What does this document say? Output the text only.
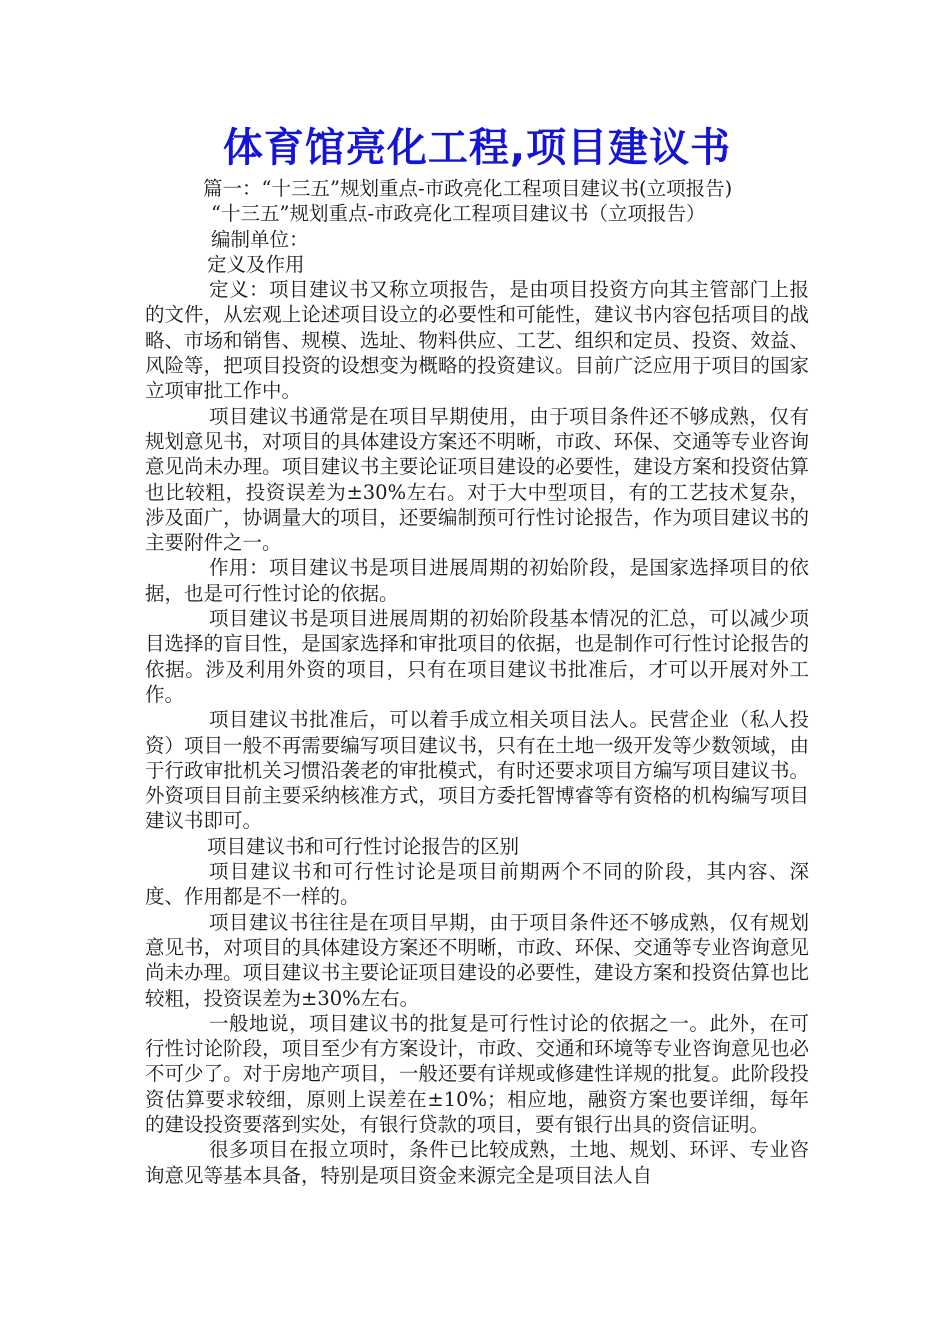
体育馆亮化工程,项目建议书

篇一：“十三五”规划重点-市政亮化工程项目建议书(立项报告)

“十三五”规划重点-市政亮化工程项目建议书（立项报告）

编制单位：

定义及作用

定义：项目建议书又称立项报告，是由项目投资方向其主管部门上报的文件，从宏观上论述项目设立的必要性和可能性，建议书内容包括项目的战略、市场和销售、规模、选址、物料供应、工艺、组织和定员、投资、效益、风险等，把项目投资的设想变为概略的投资建议。目前广泛应用于项目的国家立项审批工作中。

项目建议书通常是在项目早期使用，由于项目条件还不够成熟，仅有规划意见书，对项目的具体建设方案还不明晰，市政、环保、交通等专业咨询意见尚未办理。项目建议书主要论证项目建设的必要性，建设方案和投资估算也比较粗，投资误差为±30%左右。对于大中型项目，有的工艺技术复杂，涉及面广，协调量大的项目，还要编制预可行性讨论报告，作为项目建议书的主要附件之一。

作用：项目建议书是项目进展周期的初始阶段，是国家选择项目的依据，也是可行性讨论的依据。

项目建议书是项目进展周期的初始阶段基本情况的汇总，可以减少项目选择的盲目性，是国家选择和审批项目的依据，也是制作可行性讨论报告的依据。涉及利用外资的项目，只有在项目建议书批准后，才可以开展对外工作。

项目建议书批准后，可以着手成立相关项目法人。民营企业（私人投资）项目一般不再需要编写项目建议书，只有在土地一级开发等少数领域，由于行政审批机关习惯沿袭老的审批模式，有时还要求项目方编写项目建议书。外资项目目前主要采纳核准方式，项目方委托智博睿等有资格的机构编写项目建议书即可。

项目建议书和可行性讨论报告的区别

项目建议书和可行性讨论是项目前期两个不同的阶段，其内容、深度、作用都是不一样的。

项目建议书往往是在项目早期，由于项目条件还不够成熟，仅有规划意见书，对项目的具体建设方案还不明晰，市政、环保、交通等专业咨询意见尚未办理。项目建议书主要论证项目建设的必要性，建设方案和投资估算也比较粗，投资误差为±30%左右。

一般地说，项目建议书的批复是可行性讨论的依据之一。此外，在可行性讨论阶段，项目至少有方案设计，市政、交通和环境等专业咨询意见也必不可少了。对于房地产项目，一般还要有详规或修建性详规的批复。此阶段投资估算要求较细，原则上误差在±10%；相应地，融资方案也要详细，每年的建设投资要落到实处，有银行贷款的项目，要有银行出具的资信证明。

很多项目在报立项时，条件已比较成熟，土地、规划、环评、专业咨询意见等基本具备，特别是项目资金来源完全是项目法人自
